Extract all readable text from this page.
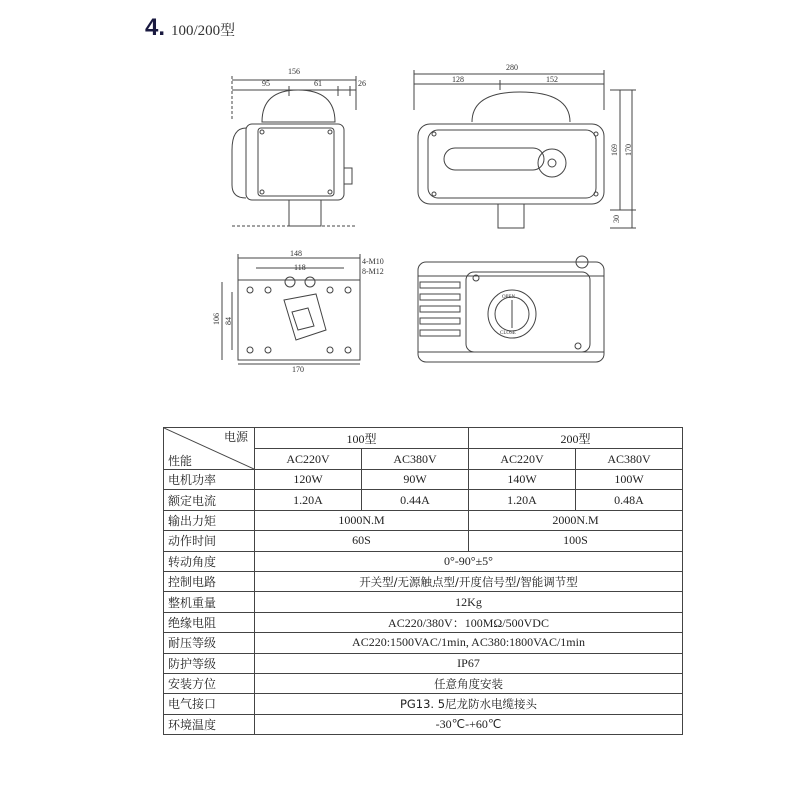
4. 100/200型
156
95	61	26
280
128	152
169 170
30
148
118
4-M10
8-M12
106 84
170
OPEN
CLOSE
电源
性能	100型		200型	
	AC220V	AC380V	AC220V	AC380V
电机功率	120W	90W	140W	100W
额定电流	1.20A	0.44A	1.20A	0.48A
输出力矩	1000N.M		2000N.M	
动作时间	60S		100S	
转动角度	0°-90°±5°			
控制电路	开关型/无源触点型/开度信号型/智能调节型			
整机重量	12Kg			
绝缘电阻	AC220/380V：100MΩ/500VDC			
耐压等级	AC220:1500VAC/1min, AC380:1800VAC/1min			
防护等级	IP67			
安装方位	任意角度安装			
电气接口	PG13. 5尼龙防水电缆接头			
环境温度	-30℃-+60℃			
